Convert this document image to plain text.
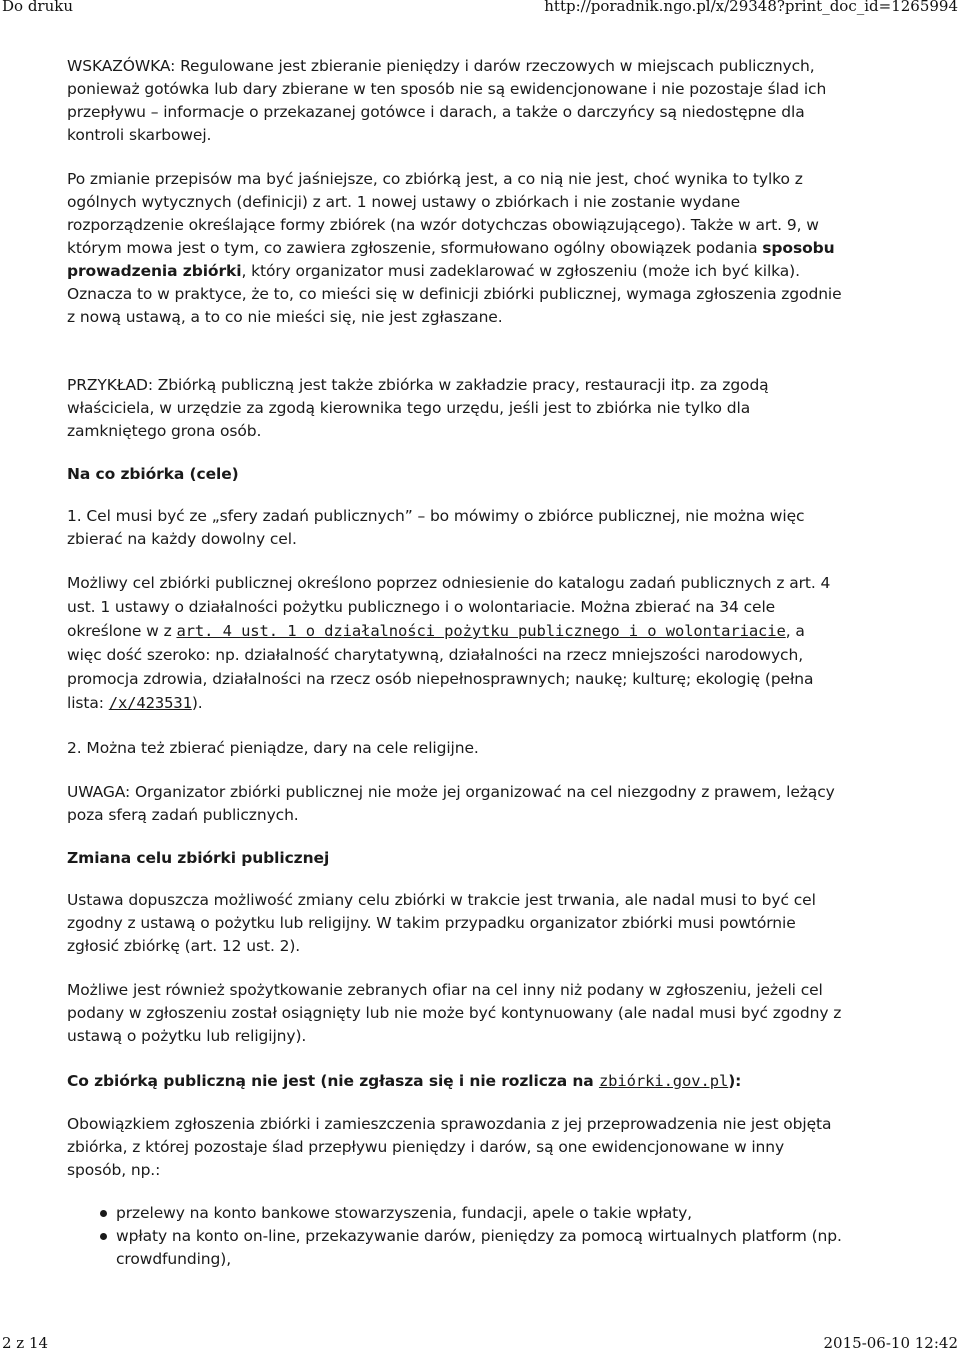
Do druku	http://poradnik.ngo.pl/x/29348?print_doc_id=1265994

WSKAZÓWKA: Regulowane jest zbieranie pieniędzy i darów rzeczowych w miejscach publicznych, ponieważ gotówka lub dary zbierane w ten sposób nie są ewidencjonowane i nie pozostaje ślad ich przepływu – informacje o przekazanej gotówce i darach, a także o darczyńcy są niedostępne dla kontroli skarbowej.

Po zmianie przepisów ma być jaśniejsze, co zbiórką jest, a co nią nie jest, choć wynika to tylko z ogólnych wytycznych (definicji) z art. 1 nowej ustawy o zbiórkach i nie zostanie wydane rozporządzenie określające formy zbiórek (na wzór dotychczas obowiązującego). Także w art. 9, w którym mowa jest o tym, co zawiera zgłoszenie, sformułowano ogólny obowiązek podania sposobu prowadzenia zbiórki, który organizator musi zadeklarować w zgłoszeniu (może ich być kilka). Oznacza to w praktyce, że to, co mieści się w definicji zbiórki publicznej, wymaga zgłoszenia zgodnie z nową ustawą, a to co nie mieści się, nie jest zgłaszane.

PRZYKŁAD: Zbiórką publiczną jest także zbiórka w zakładzie pracy, restauracji itp. za zgodą właściciela, w urzędzie za zgodą kierownika tego urzędu, jeśli jest to zbiórka nie tylko dla zamkniętego grona osób.

Na co zbiórka (cele)

1. Cel musi być ze „sfery zadań publicznych” – bo mówimy o zbiórce publicznej, nie można więc zbierać na każdy dowolny cel.

Możliwy cel zbiórki publicznej określono poprzez odniesienie do katalogu zadań publicznych z art. 4 ust. 1 ustawy o działalności pożytku publicznego i o wolontariacie. Można zbierać na 34 cele określone w z art. 4 ust. 1 o działalności pożytku publicznego i o wolontariacie, a więc dość szeroko: np. działalność charytatywną, działalności na rzecz mniejszości narodowych, promocja zdrowia, działalności na rzecz osób niepełnosprawnych; naukę; kulturę; ekologię (pełna lista: /x/423531).

2. Można też zbierać pieniądze, dary na cele religijne.

UWAGA: Organizator zbiórki publicznej nie może jej organizować na cel niezgodny z prawem, leżący poza sferą zadań publicznych.

Zmiana celu zbiórki publicznej

Ustawa dopuszcza możliwość zmiany celu zbiórki w trakcie jest trwania, ale nadal musi to być cel zgodny z ustawą o pożytku lub religijny. W takim przypadku organizator zbiórki musi powtórnie zgłosić zbiórkę (art. 12 ust. 2).

Możliwe jest również spożytkowanie zebranych ofiar na cel inny niż podany w zgłoszeniu, jeżeli cel podany w zgłoszeniu został osiągnięty lub nie może być kontynuowany (ale nadal musi być zgodny z ustawą o pożytku lub religijny).

Co zbiórką publiczną nie jest (nie zgłasza się i nie rozlicza na zbiórki.gov.pl):

Obowiązkiem zgłoszenia zbiórki i zamieszczenia sprawozdania z jej przeprowadzenia nie jest objęta zbiórka, z której pozostaje ślad przepływu pieniędzy i darów, są one ewidencjonowane w inny sposób, np.:

przelewy na konto bankowe stowarzyszenia, fundacji, apele o takie wpłaty,
wpłaty na konto on-line, przekazywanie darów, pieniędzy za pomocą wirtualnych platform (np. crowdfunding),
2 z 14	2015-06-10 12:42
